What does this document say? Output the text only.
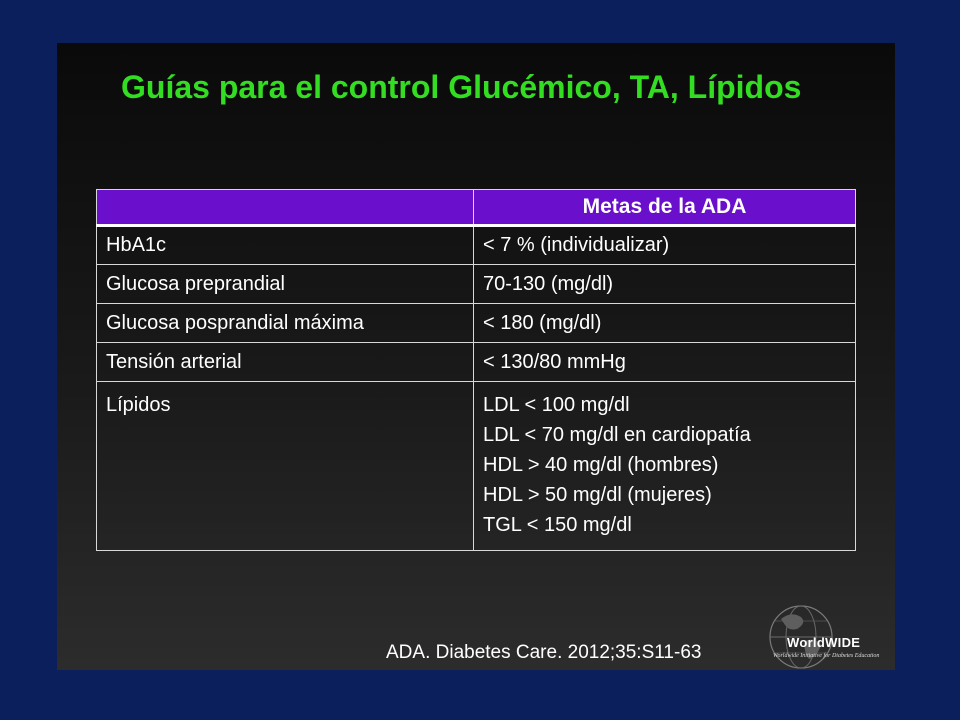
Guías para el control Glucémico, TA, Lípidos
	Metas de la ADA
HbA1c	< 7 % (individualizar)
Glucosa preprandial	70-130 (mg/dl)
Glucosa posprandial máxima	< 180 (mg/dl)
Tensión arterial	< 130/80 mmHg
Lípidos	LDL < 100 mg/dl
LDL < 70 mg/dl en cardiopatía
HDL > 40 mg/dl (hombres)
HDL > 50 mg/dl (mujeres)
TGL < 150 mg/dl

ADA. Diabetes Care. 2012;35:S11-63	WorldWIDE
Worldwide Initiative for Diabetes Education
